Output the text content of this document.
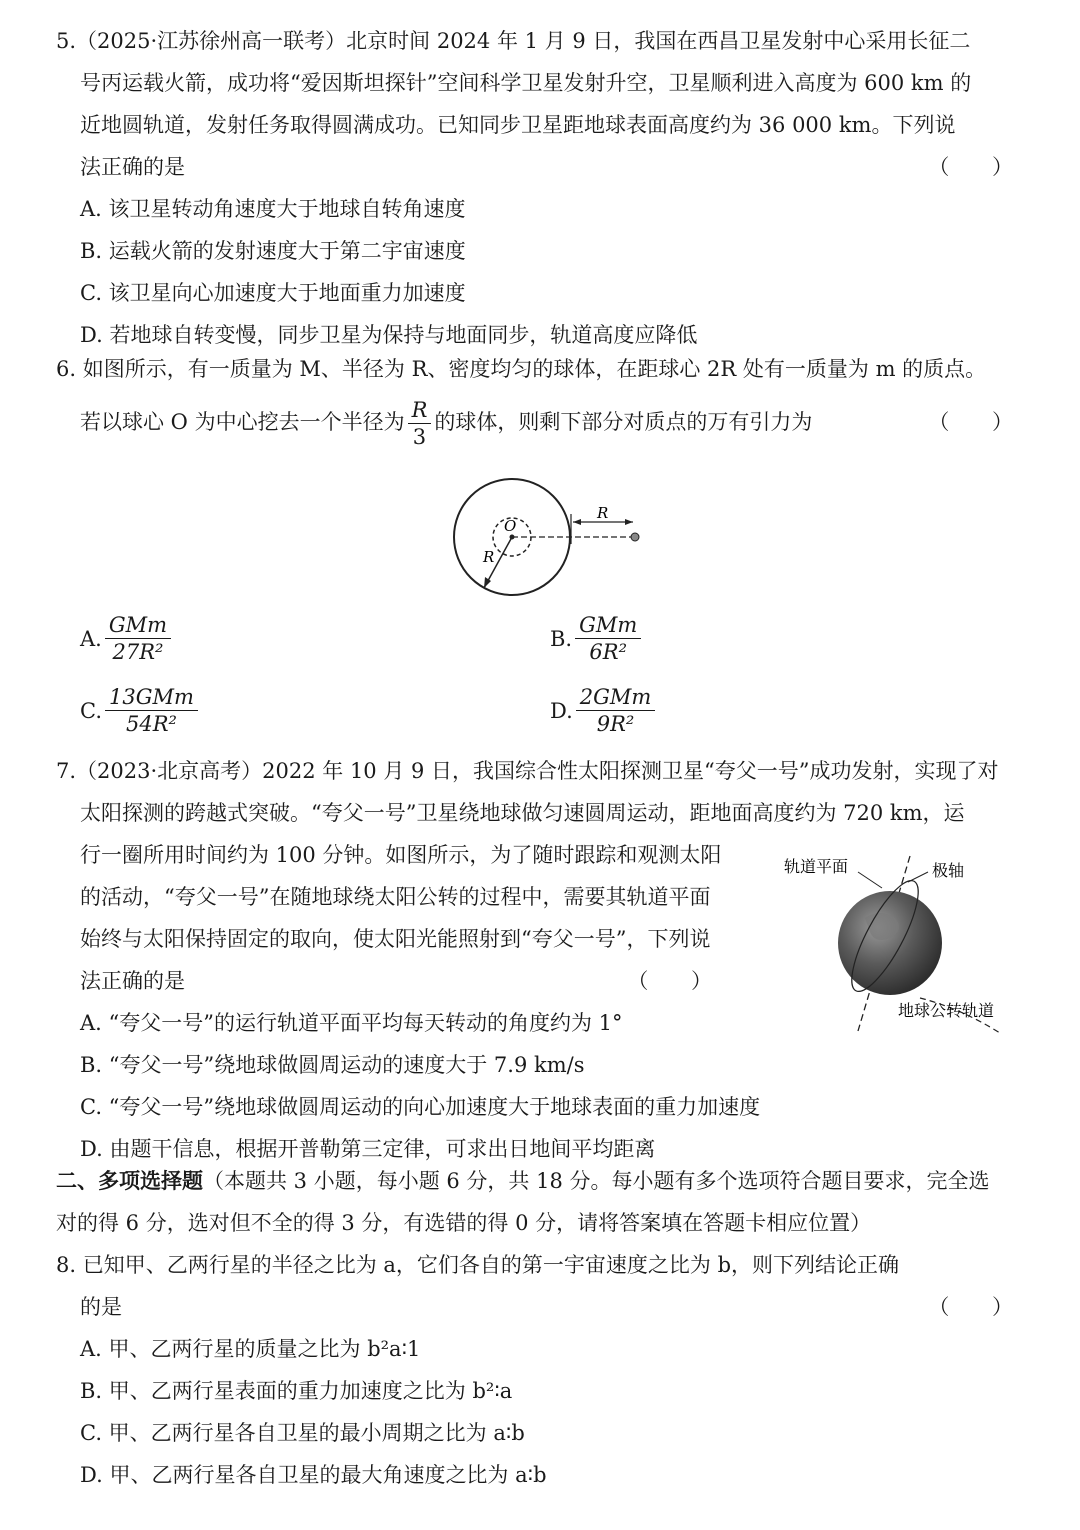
5.（2025·江苏徐州高一联考）北京时间 2024 年 1 月 9 日，我国在西昌卫星发射中心采用长征二
号丙运载火箭，成功将“爱因斯坦探针”空间科学卫星发射升空，卫星顺利进入高度为 600 km 的
近地圆轨道，发射任务取得圆满成功。已知同步卫星距地球表面高度约为 36 000 km。下列说
法正确的是	（ ）
A. 该卫星转动角速度大于地球自转角速度
B. 运载火箭的发射速度大于第二宇宙速度
C. 该卫星向心加速度大于地面重力加速度
D. 若地球自转变慢，同步卫星为保持与地面同步，轨道高度应降低
6. 如图所示，有一质量为 M、半径为 R、密度均匀的球体，在距球心 2R 处有一质量为 m 的质点。
若以球心 O 为中心挖去一个半径为 $\frac{R}{3}$ 的球体，则剩下部分对质点的万有引力为	（ ）
O
R
R
A. $\frac{\text{GMm}}{\text{27R²}}$	B. $\frac{\text{GMm}}{\text{6R²}}$
C. $\frac{\text{13GMm}}{\text{54R²}}$	D. $\frac{\text{2GMm}}{\text{9R²}}$
7.（2023·北京高考）2022 年 10 月 9 日，我国综合性太阳探测卫星“夸父一号”成功发射，实现了对
太阳探测的跨越式突破。“夸父一号”卫星绕地球做匀速圆周运动，距地面高度约为 720 km，运
行一圈所用时间约为 100 分钟。如图所示，为了随时跟踪和观测太阳
的活动，“夸父一号”在随地球绕太阳公转的过程中，需要其轨道平面
始终与太阳保持固定的取向，使太阳光能照射到“夸父一号”，下列说
法正确的是	（ ）
A. “夸父一号”的运行轨道平面平均每天转动的角度约为 1°
B. “夸父一号”绕地球做圆周运动的速度大于 7.9 km/s
C. “夸父一号”绕地球做圆周运动的向心加速度大于地球表面的重力加速度
D. 由题干信息，根据开普勒第三定律，可求出日地间平均距离
轨道平面	极轴
地球公转轨道
二、多项选择题（本题共 3 小题，每小题 6 分，共 18 分。每小题有多个选项符合题目要求，完全选
对的得 6 分，选对但不全的得 3 分，有选错的得 0 分，请将答案填在答题卡相应位置）
8. 已知甲、乙两行星的半径之比为 a，它们各自的第一宇宙速度之比为 b，则下列结论正确
的是	（ ）
A. 甲、乙两行星的质量之比为 b²a∶1
B. 甲、乙两行星表面的重力加速度之比为 b²∶a
C. 甲、乙两行星各自卫星的最小周期之比为 a∶b
D. 甲、乙两行星各自卫星的最大角速度之比为 a∶b
